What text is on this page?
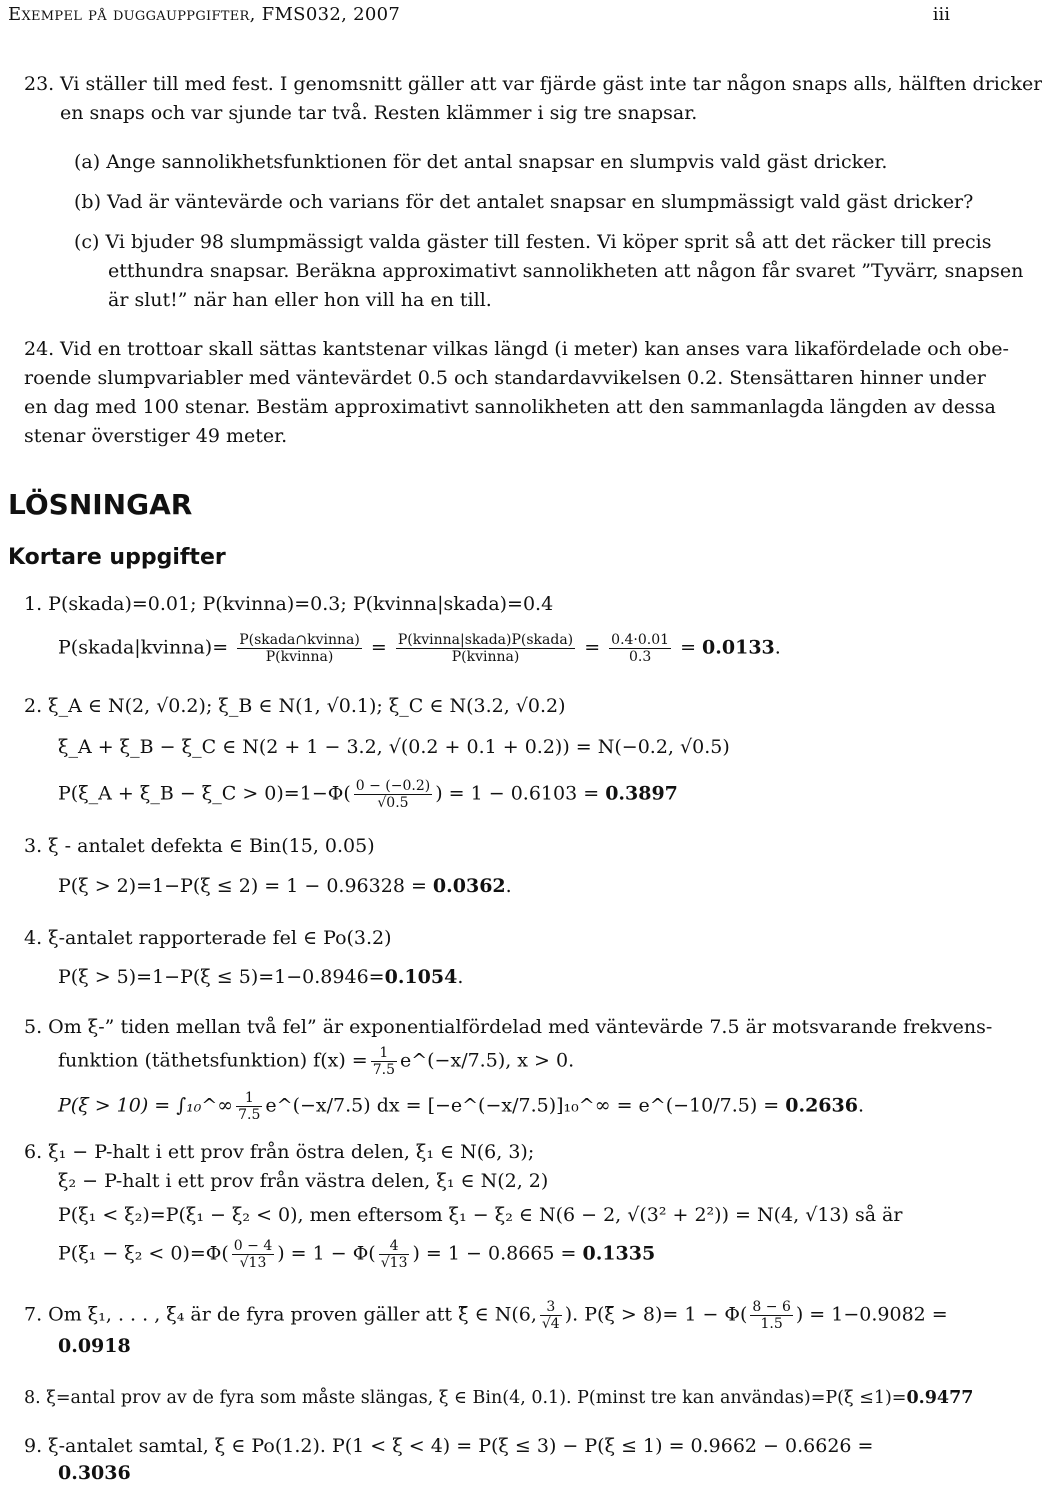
Exempel på duggauppgifter, FMS032, 2007	iii
23. Vi ställer till med fest. I genomsnitt gäller att var fjärde gäst inte tar någon snaps alls, hälften dricker
en snaps och var sjunde tar två. Resten klämmer i sig tre snapsar.
(a) Ange sannolikhetsfunktionen för det antal snapsar en slumpvis vald gäst dricker.
(b) Vad är väntevärde och varians för det antalet snapsar en slumpmässigt vald gäst dricker?
(c) Vi bjuder 98 slumpmässigt valda gäster till festen. Vi köper sprit så att det räcker till precis
etthundra snapsar. Beräkna approximativt sannolikheten att någon får svaret ”Tyvärr, snapsen
är slut!” när han eller hon vill ha en till.
24. Vid en trottoar skall sättas kantstenar vilkas längd (i meter) kan anses vara likafördelade och obe-
roende slumpvariabler med väntevärdet 0.5 och standardavvikelsen 0.2. Stensättaren hinner under
en dag med 100 stenar. Bestäm approximativt sannolikheten att den sammanlagda längden av dessa
stenar överstiger 49 meter.
LÖSNINGAR
Kortare uppgifter
1. P(skada)=0.01; P(kvinna)=0.3; P(kvinna|skada)=0.4
P(skada|kvinna)= $\frac{\text{P(skada∩kvinna)}}{\text{P(kvinna)}} = \frac{\text{P(kvinna|skada)P(skada)}}{\text{P(kvinna)}} = \frac{0.4\cdot 0.01}{0.3} = 0.0133$.
2. ξ_A ∈ N(2, √0.2); ξ_B ∈ N(1, √0.1); ξ_C ∈ N(3.2, √0.2)
ξ_A + ξ_B − ξ_C ∈ N(2 + 1 − 3.2, √(0.2 + 0.1 + 0.2)) = N(−0.2, √0.5)
P(ξ_A + ξ_B − ξ_C > $0)=1-\Phi( \frac{0 - (-0.2)}{√0.5}$ ) = 1 − 0.6103 = 0.3897
3. ξ - antalet defekta ∈ Bin(15, 0.05)
P(ξ > 2)=1−P(ξ ≤ 2) = 1 − 0.96328 = 0.0362.
4. ξ-antalet rapporterade fel ∈ Po(3.2)
P(ξ > 5)=1−P(ξ ≤ 5)=1−0.8946=0.1054.
5. Om ξ-” tiden mellan två fel” är exponentialfördelad med väntevärde 7.5 är motsvarande frekvens-
funktion (täthetsfunktion) $f(x) = \frac{1}{7.5}$ e^(−x/7.5), x > 0.
P(ξ > 10) = ∫₁₀^∞ $\frac{1}{7.5}$ e^(−x/7.5) dx = [−e^(−x/7.5)]₁₀^∞ = e^(−10/7.5) = 0.2636.
6. ξ₁ − P-halt i ett prov från östra delen, ξ₁ ∈ N(6, 3);
ξ₂ − P-halt i ett prov från västra delen, ξ₁ ∈ N(2, 2)
P(ξ₁ < ξ₂)=P(ξ₁ − ξ₂ < 0), men eftersom ξ₁ − ξ₂ ∈ N(6 − 2, √(3² + 2²)) = N(4, √13) så är
$P(\xi_1 - \xi_2 < 0)=\Phi( \frac{0 - 4}{√13}$ ) = $1 - \Phi( \frac{4}{√13}$ ) = 1 − 0.8665 = 0.1335
7. Om ξ₁, . . . , ξ₄ är de fyra proven gäller att ξ̄ ∈ N(6, $\frac{3}{√4}$ ). P(ξ̄ > $8)= 1 - \Phi( \frac{8 - 6}{1.5}$ ) = 1−0.9082 =
0.0918
8. ξ=antal prov av de fyra som måste slängas, ξ ∈ Bin(4, 0.1). P(minst tre kan användas)=P(ξ ≤1)=0.9477
9. ξ-antalet samtal, ξ ∈ Po(1.2). P(1 < ξ < 4) = P(ξ ≤ 3) − P(ξ ≤ 1) = 0.9662 − 0.6626 =
0.3036
